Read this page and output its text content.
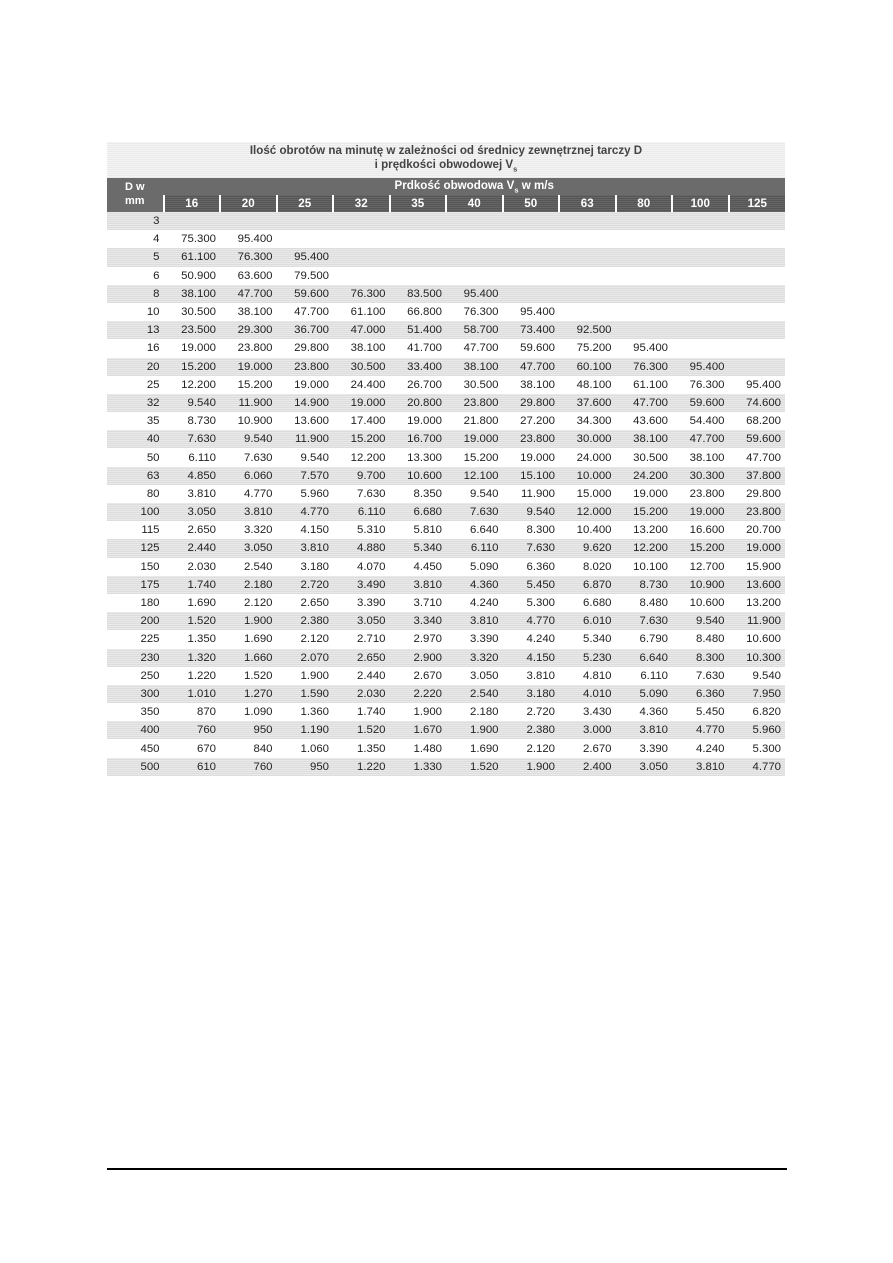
Ilość obrotów na minutę w zależności od średnicy zewnętrznej tarczy D
i prędkości obwodowej $V_s$
D w
mm	Prdkość obwodowa $V_s$ w m/s										
	16	20	25	32	35	40	50	63	80	100	125
3											
4	75.300	95.400									
5	61.100	76.300	95.400								
6	50.900	63.600	79.500								
8	38.100	47.700	59.600	76.300	83.500	95.400					
10	30.500	38.100	47.700	61.100	66.800	76.300	95.400				
13	23.500	29.300	36.700	47.000	51.400	58.700	73.400	92.500			
16	19.000	23.800	29.800	38.100	41.700	47.700	59.600	75.200	95.400		
20	15.200	19.000	23.800	30.500	33.400	38.100	47.700	60.100	76.300	95.400	
25	12.200	15.200	19.000	24.400	26.700	30.500	38.100	48.100	61.100	76.300	95.400
32	9.540	11.900	14.900	19.000	20.800	23.800	29.800	37.600	47.700	59.600	74.600
35	8.730	10.900	13.600	17.400	19.000	21.800	27.200	34.300	43.600	54.400	68.200
40	7.630	9.540	11.900	15.200	16.700	19.000	23.800	30.000	38.100	47.700	59.600
50	6.110	7.630	9.540	12.200	13.300	15.200	19.000	24.000	30.500	38.100	47.700
63	4.850	6.060	7.570	9.700	10.600	12.100	15.100	10.000	24.200	30.300	37.800
80	3.810	4.770	5.960	7.630	8.350	9.540	11.900	15.000	19.000	23.800	29.800
100	3.050	3.810	4.770	6.110	6.680	7.630	9.540	12.000	15.200	19.000	23.800
115	2.650	3.320	4.150	5.310	5.810	6.640	8.300	10.400	13.200	16.600	20.700
125	2.440	3.050	3.810	4.880	5.340	6.110	7.630	9.620	12.200	15.200	19.000
150	2.030	2.540	3.180	4.070	4.450	5.090	6.360	8.020	10.100	12.700	15.900
175	1.740	2.180	2.720	3.490	3.810	4.360	5.450	6.870	8.730	10.900	13.600
180	1.690	2.120	2.650	3.390	3.710	4.240	5.300	6.680	8.480	10.600	13.200
200	1.520	1.900	2.380	3.050	3.340	3.810	4.770	6.010	7.630	9.540	11.900
225	1.350	1.690	2.120	2.710	2.970	3.390	4.240	5.340	6.790	8.480	10.600
230	1.320	1.660	2.070	2.650	2.900	3.320	4.150	5.230	6.640	8.300	10.300
250	1.220	1.520	1.900	2.440	2.670	3.050	3.810	4.810	6.110	7.630	9.540
300	1.010	1.270	1.590	2.030	2.220	2.540	3.180	4.010	5.090	6.360	7.950
350	870	1.090	1.360	1.740	1.900	2.180	2.720	3.430	4.360	5.450	6.820
400	760	950	1.190	1.520	1.670	1.900	2.380	3.000	3.810	4.770	5.960
450	670	840	1.060	1.350	1.480	1.690	2.120	2.670	3.390	4.240	5.300
500	610	760	950	1.220	1.330	1.520	1.900	2.400	3.050	3.810	4.770
